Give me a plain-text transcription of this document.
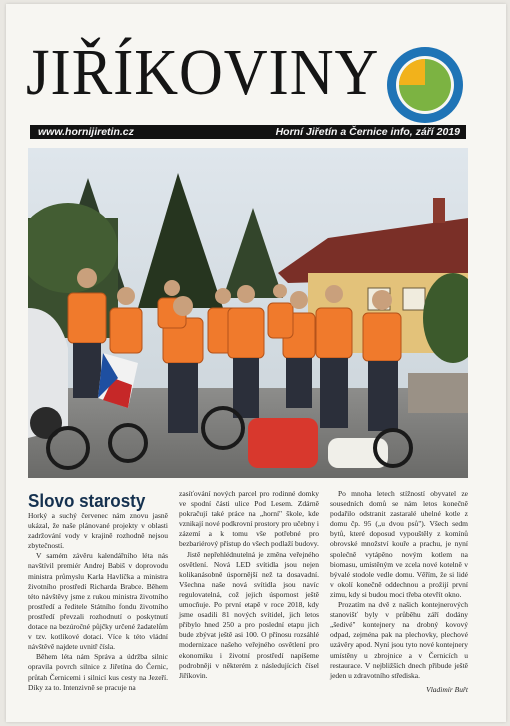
JIŘÍKOVINY
www.hornijiretin.cz	Horní Jiřetín a Černice info, září 2019
Slovo starosty

Horký a suchý červenec nám znovu jasně ukázal, že naše plánované projekty v oblasti zadržování vody v krajině rozhodně nejsou zbytečností.

V samém závěru kalendářního léta nás navštívil premiér Andrej Babiš v doprovodu ministra průmyslu Karla Havlíčka a ministra životního prostředí Richarda Brabce. Během této návštěvy jsme z rukou ministra životního prostředí a ředitele Státního fondu životního prostředí převzali rozhodnutí o poskytnutí dotace na bezúročné půjčky určené žadatelům v tzv. kotlíkové dotaci. Více k této vládní návštěvě najdete uvnitř čísla.

Během léta nám Správa a údržba silnic opravila povrch silnice z Jiřetína do Černic, průtah Černicemi i silnicí kus cesty na Jezeří. Díky za to. Intenzivně se pracuje na

zasíťování nových parcel pro rodinné domky ve spodní části ulice Pod Lesem. Zdárně pokračují také práce na „horní" škole, kde vznikají nové podkrovní prostory pro učebny i zázemí a k tomu vše potřebné pro bezbariérový přístup do všech podlaží budovy.

Jistě nepřehlédnutelná je změna veřejného osvětlení. Nová LED svítidla jsou nejen kolikanásobně úspornější než ta dosavadní. Všechna naše nová svítidla jsou navíc regulovatelná, což jejich úspornost ještě umocňuje. Po první etapě v roce 2018, kdy jsme osadili 81 nových svítidel, jich letos přibylo hned 250 a pro poslední etapu jich bude zbývat ještě asi 100. O přínosu rozsáhlé modernizace našeho veřejného osvětlení pro ekonomiku i životní prostředí napíšeme podrobněji v některém z následujících čísel Jiříkovin.

Po mnoha letech stížností obyvatel ze sousedních domů se nám letos konečně podařilo odstranit zastaralé uhelné kotle z domu čp. 95 („u dvou psů"). Všech sedm bytů, které doposud vypouštěly z komínů obrovské množství kouře a prachu, je nyní společně vytápěno novým kotlem na biomasu, umístěným ve zcela nové kotelně v bývalé stodole vedle domu. Věřím, že si lidé v okolí konečně oddechnou a prožijí první zimu, kdy si budou moci třeba otevřít okno.

Prozatím na dvě z našich kontejnerových stanovišť byly v průběhu září dodány „šedivé" kontejnery na drobný kovový odpad, zejména pak na plechovky, plechové uzávěry apod. Nyní jsou tyto nové kontejnery umístěny u zbrojnice a v Černicích u restaurace. V nejbližších dnech přibude ještě jeden u zdravotního střediska.

Vladimír Buřt
